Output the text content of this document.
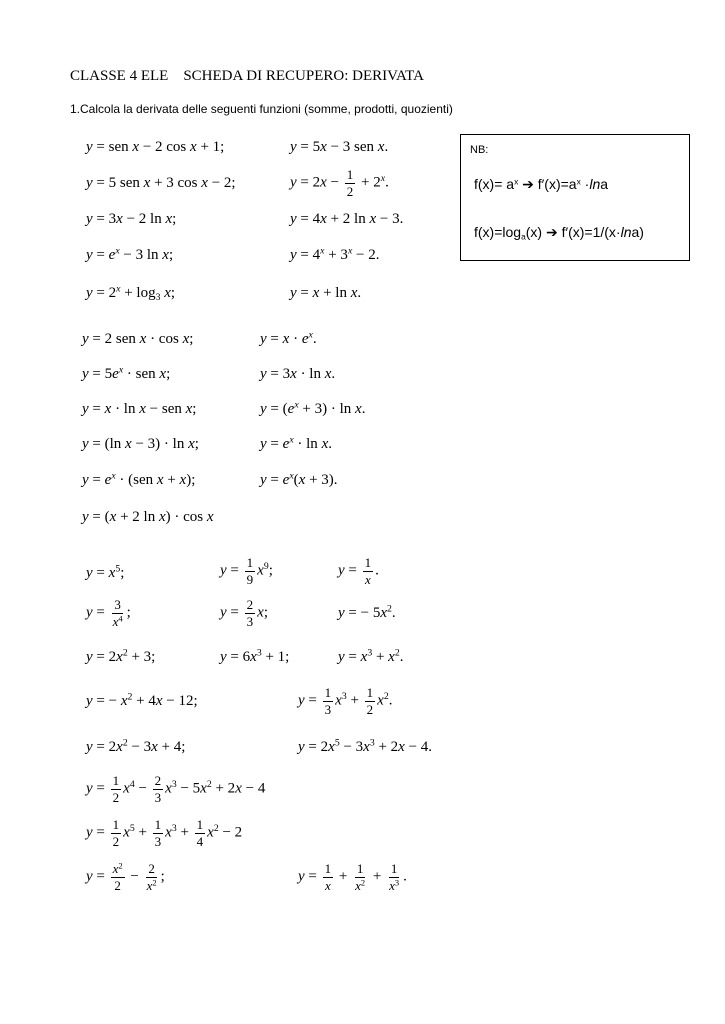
CLASSE 4 ELE    SCHEDA DI RECUPERO: DERIVATA
1.Calcola la derivata delle seguenti funzioni (somme, prodotti, quozienti)
NB:
$f(x)= a^x$ ➔ $f'(x)=a^x \cdot\ln a$
$f(x)=\log_a(x)$ ➔ f′(x)=1/(x·lna)
y = sen x − 2 cos x + 1;	y = 5x − 3 sen x.
y = 5 sen x + 3 cos x − 2;	$y = 2x - \frac{1}{2} + 2^x$.
y = 3x − 2 ln x;	y = 4x + 2 ln x − 3.
$y = e^x - 3$ ln x;	$y = 4^x + 3^x - 2$.
$y = 2^x + \log_3 x$;	y = x + ln x.
y = 2 sen x · cos x;	$y = x \cdot e^x$.
$y = 5e^x$ · sen x;	y = 3x · ln x.
y = x · ln x − sen x;	$y = (e^x + 3) \cdot \ln x$.
y = (ln x − 3) · ln x;	$y = e^x \cdot \ln x$.
$y = e^x \cdot (sen$ x + x);	$y = e^x(x + 3)$.
y = (x + 2 ln x) · cos x
$y = x^5$;	$y = \frac{1}{9} x^9$;	$y = \frac{1}{x}$ .
$y = \frac{3}{x^4}$ ;	$y = \frac{2}{3} x$;	y = − $5x^2$.
$y = 2x^2 + 3$;	$y = 6x^3 + 1$;	$y = x^3 + x^2$.
y = − $x^2 + 4x - 12$;	$y = \frac{1}{3} x^3 + \frac{1}{2} x^2$.
$y = 2x^2 - 3x + 4$;	$y = 2x^5 - 3x^3 + 2x - 4$.
$y = \frac{1}{2} x^4 - \frac{2}{3} x^3 - 5x^2 + 2x - 4$
$y = \frac{1}{2} x^5 + \frac{1}{3} x^3 + \frac{1}{4} x^2 - 2$
$y = \frac{x^2}{2} - \frac{2}{x^2}$ ;	$y = \frac{1}{x} + \frac{1}{x^2} + \frac{1}{x^3}$ .
